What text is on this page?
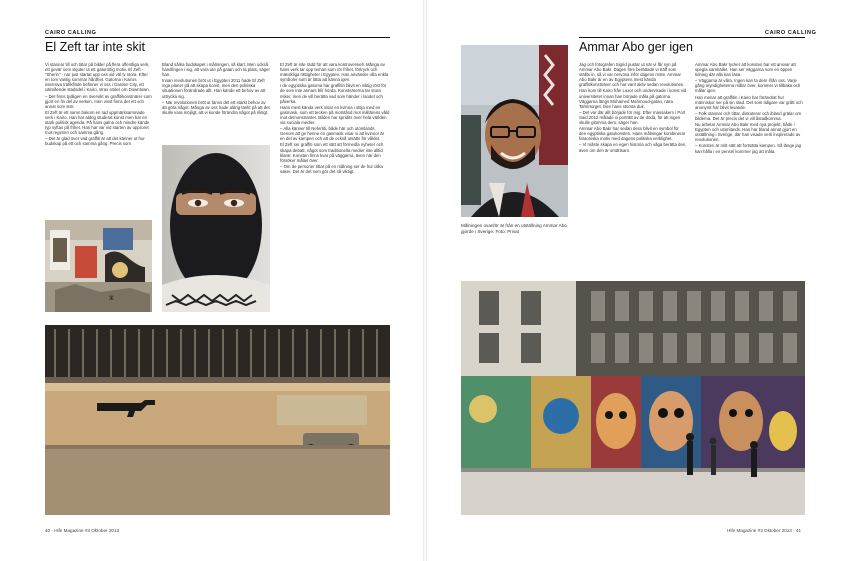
CAIRO CALLING
El Zeft tar inte skit

Vi stannar till och tittar på bilder på flera offentliga verk, ett gevär som skjuter ut ett gaturörlig motiv. El Zeft - "Sherin" - nar just startat upp oss vid väl tv stora. Efter en tom vanlig sommar hårdhet. Gatorna i Kairos intensiva trafikflöde befinner vi oss i Garden City, ett välmående stadsdel i Kairo, strax söder om Downtown.

– Det finns tydligen en övervikt av graffitikonstnärer som gjort en fin del av verken, men visst finns det ett och annat som stör.

El Zeft är ett namn bakom en rad uppmärksammade verk i Kairo. Han har aldrig studerat konst men har en stark politisk agenda. På hans galna och mindre kände typ syftas på frihet. Han har var vid starten av upproret mot regimen och samma gång.

– Det är glad över vad graffiti är att det känner ut hur budskap på ett och samma gång. Precis som

Bland så/ka budskapet i målningen, så klart. Men också handlingen i sig, att vara ute på gatan och ta plats, säger han.

Innan revolutionen bröt ut i Egypten 2011 hade El Zeft inga planer på att skapa konst, men den politiska situationen förändrade allt. Han kände ett behov av att uttrycka sig.

– När revolutionen bröt ut fanns det ett starkt behov av att göra något. Många av oss hade aldrig tänkt på att det skulle vara möjligt, att vi kunde förändra något på riktigt.

El Zeft är inte rädd för att vara kontroversiell. Många av hans verk tar upp teman som rör frihet, förtryck och mänskliga rättigheter i Egypten. Han använder ofta enkla symboler som är lätta att känna igen.

I de egyptiska gatorna har graffitin blivit en viktig röst för de som inte annars blir hörda. Konstnärerna tar stora risker, men de vill berätta vad som händer i landet och påverka.

Hans mest kända verk visar en kvinna i slöja med en gasmask, som ett tecken på motstånd mot militärens våld mot demonstranter. Bilden har spridits över hela världen via sociala medier.

– Alla känner till Nefertiti, både här och utomlands. Genom att ge henne en gasmask visar vi att kvinnor är en del av kampen och att de också utsätts för våldet.

El Zeft ser graffiti som ett sätt att förmedla nyheter och skapa debatt, något som traditionella medier inte alltid klarar. Konsten finns kvar på väggarna, även när den försöker målas över.

– Om de personer tittar på en målning ser de hur olika saker. Det är det som gör det så viktigt.

ⵣ
40 - Hife Magazine #3 Oktober 2013
CAIRO CALLING
Ammar Abo ger igen
Målningen ovanför är från en utställning Ammar Abo gjorde i Sverige. Foto: Privat

Jag och fotografen Sigrid pustar ut när vi får syn på Ammar Abo Bakr. Dagen före berättade vi träff som ställts in, så vi var nervösa inför dagens möte. Ammar Abo Bakr är en av Egyptens mest kända graffitikonstnärer och har varit aktiv sedan revolutionen.

Han kom till Kairo från Luxor och undervisade i konst vid universitetet innan han började måla på gatorna. Väggarna längs Mohamed Mahmoud-gatan, nära Tahrirtorget, blev hans största duk.

– Det var där allt började för mig. Efter massakern i Port Said 2012 målade vi porträtt av de döda, för att ingen skulle glömma dem, säger han.

Ammar Abo Bakr har sedan dess blivit en symbol för den egyptiska gatukonsten. Hans målningar kombinerar faraoniska motiv med dagens politiska verklighet.

– Vi måste skapa en egen historia och våga berätta den, även om den är smärtsam.

Ammar Abo Bakr tycker att konsten har ett ansvar att spegla samhället. Han ser väggarna som en öppen tidning där alla kan läsa.

– Väggarna är våra. Ingen kan ta dem ifrån oss. Varje gång myndigheterna målar över, kommer vi tillbaka och målar igen.

Han menar att graffitin i Kairo har förändrat hur människor ser på sin stad. Det som tidigare var grått och anonymt har blivit levande.

– Folk stannar och tittar, diskuterar och ibland grälar om bilderna. Det är precis det vi vill åstadkomma.

Nu arbetar Ammar Abo Bakr med nya projekt, både i Egypten och utomlands. Han har bland annat gjort en utställning i Sverige, där han visade verk inspirerade av revolutionen.

– Konsten är mitt sätt att fortsätta kampen. Så länge jag kan hålla i en pensel kommer jag att måla.

Hife Magazine #3 Oktober 2013 - 41
